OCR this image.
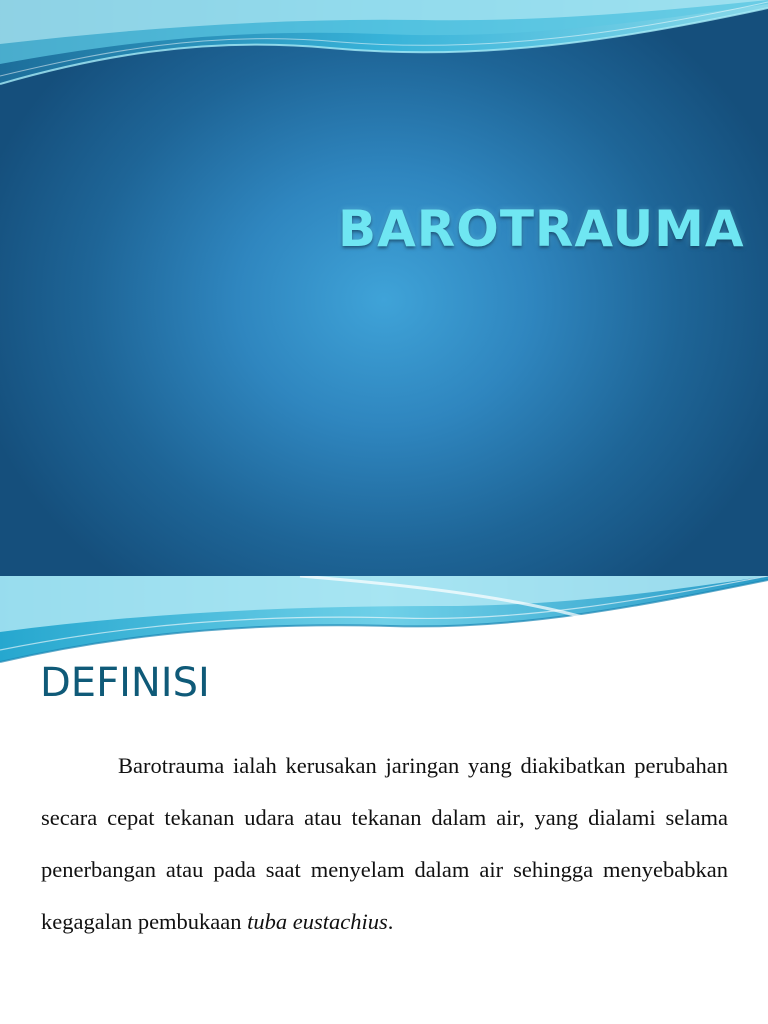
BAROTRAUMA
DEFINISI

Barotrauma ialah kerusakan jaringan yang diakibatkan perubahan secara cepat tekanan udara atau tekanan dalam air, yang dialami selama penerbangan atau pada saat menyelam dalam air sehingga menyebabkan kegagalan pembukaan tuba eustachius.
